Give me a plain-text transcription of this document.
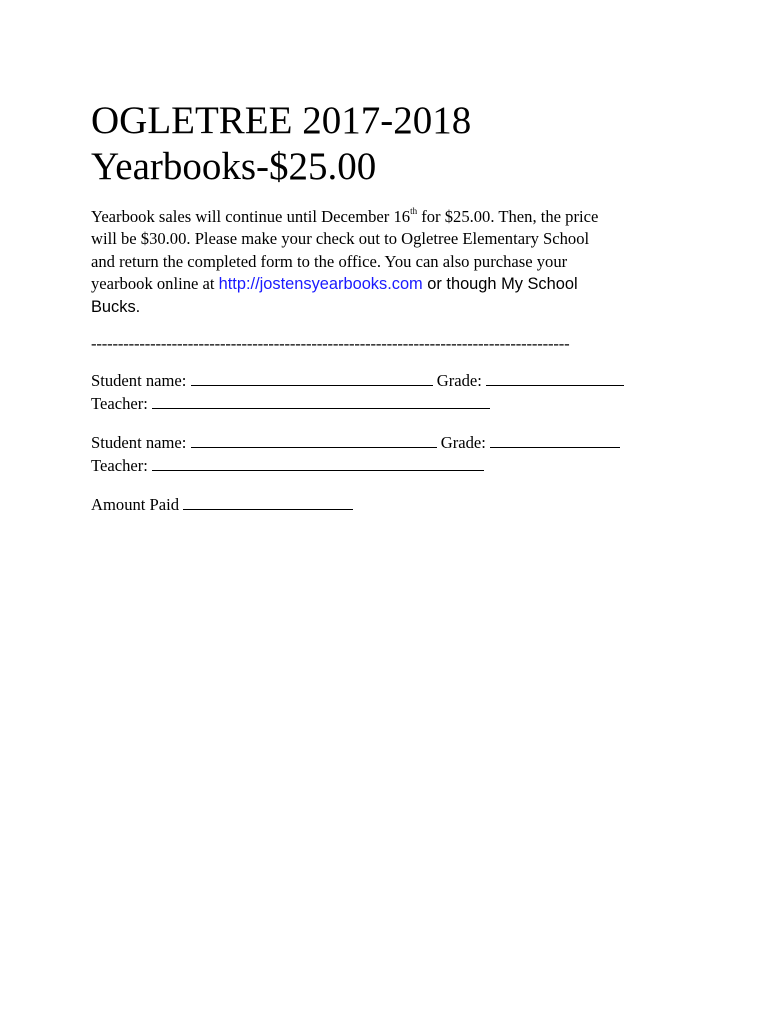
OGLETREE 2017-2018
Yearbooks-$25.00
Yearbook sales will continue until December 16th for $25.00. Then, the price
will be $30.00. Please make your check out to Ogletree Elementary School
and return the completed form to the office. You can also purchase your
yearbook online at http://jostensyearbooks.com or though My School
Bucks.
-----------------------------------------------------------------------------------------
Student name:	Grade:
Teacher:
Student name:	Grade:
Teacher:
Amount Paid
